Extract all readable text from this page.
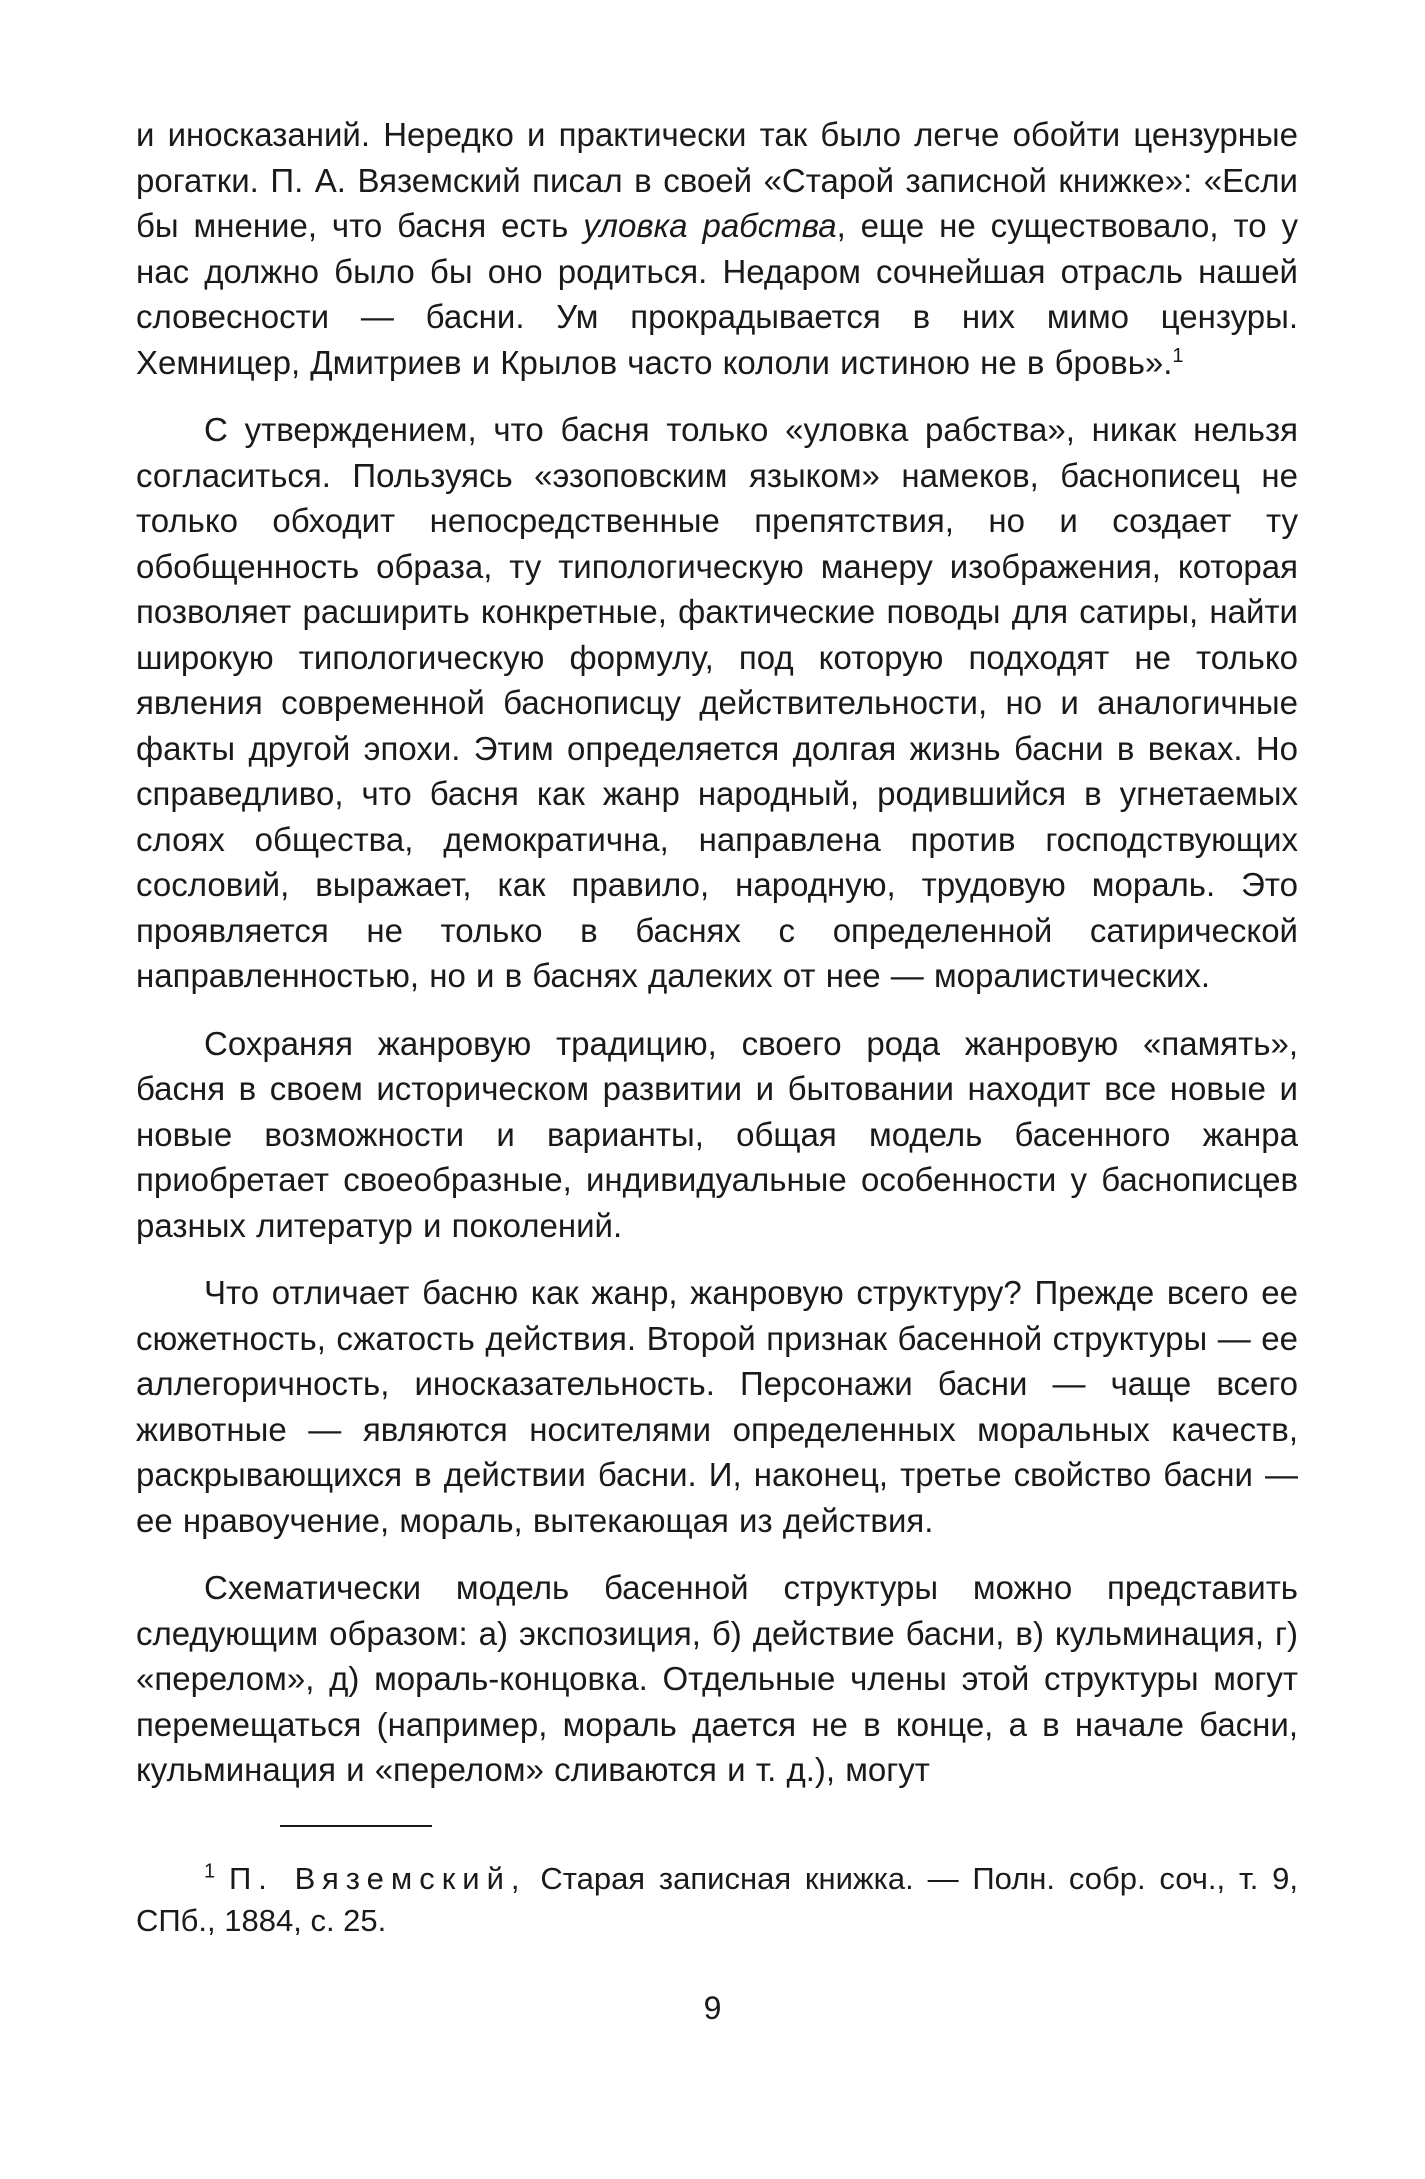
и иносказаний. Нередко и практически так было легче обойти цензурные рогатки. П. А. Вяземский писал в своей «Старой записной книжке»: «Если бы мнение, что басня есть уловка рабства, еще не существовало, то у нас должно было бы оно родиться. Недаром сочнейшая отрасль нашей словесности — басни. Ум прокрадывается в них мимо цензуры. Хемницер, Дмитриев и Крылов часто кололи истиною не в бровь».$^1$

С утверждением, что басня только «уловка рабства», никак нельзя согласиться. Пользуясь «эзоповским языком» намеков, баснописец не только обходит непосредственные препятствия, но и создает ту обобщенность образа, ту типологическую манеру изображения, которая позволяет расширить конкретные, фактические поводы для сатиры, найти широкую типологическую формулу, под которую подходят не только явления современной баснописцу действительности, но и аналогичные факты другой эпохи. Этим определяется долгая жизнь басни в веках. Но справедливо, что басня как жанр народный, родившийся в угнетаемых слоях общества, демократична, направлена против господствующих сословий, выражает, как правило, народную, трудовую мораль. Это проявляется не только в баснях с определенной сатирической направленностью, но и в баснях далеких от нее — моралистических.

Сохраняя жанровую традицию, своего рода жанровую «память», басня в своем историческом развитии и бытовании находит все новые и новые возможности и варианты, общая модель басенного жанра приобретает своеобразные, индивидуальные особенности у баснописцев разных литератур и поколений.

Что отличает басню как жанр, жанровую структуру? Прежде всего ее сюжетность, сжатость действия. Второй признак басенной структуры — ее аллегоричность, иносказательность. Персонажи басни — чаще всего животные — являются носителями определенных моральных качеств, раскрывающихся в действии басни. И, наконец, третье свойство басни — ее нравоучение, мораль, вытекающая из действия.

Схематически модель басенной структуры можно представить следующим образом: а) экспозиция, б) действие басни, в) кульминация, г) «перелом», д) мораль-концовка. Отдельные члены этой структуры могут перемещаться (например, мораль дается не в конце, а в начале басни, кульминация и «перелом» сливаются и т. д.), могут

$^1$ П. Вяземский, Старая записная книжка. — Полн. собр. соч., т. 9, СПб., 1884, с. 25.

9
